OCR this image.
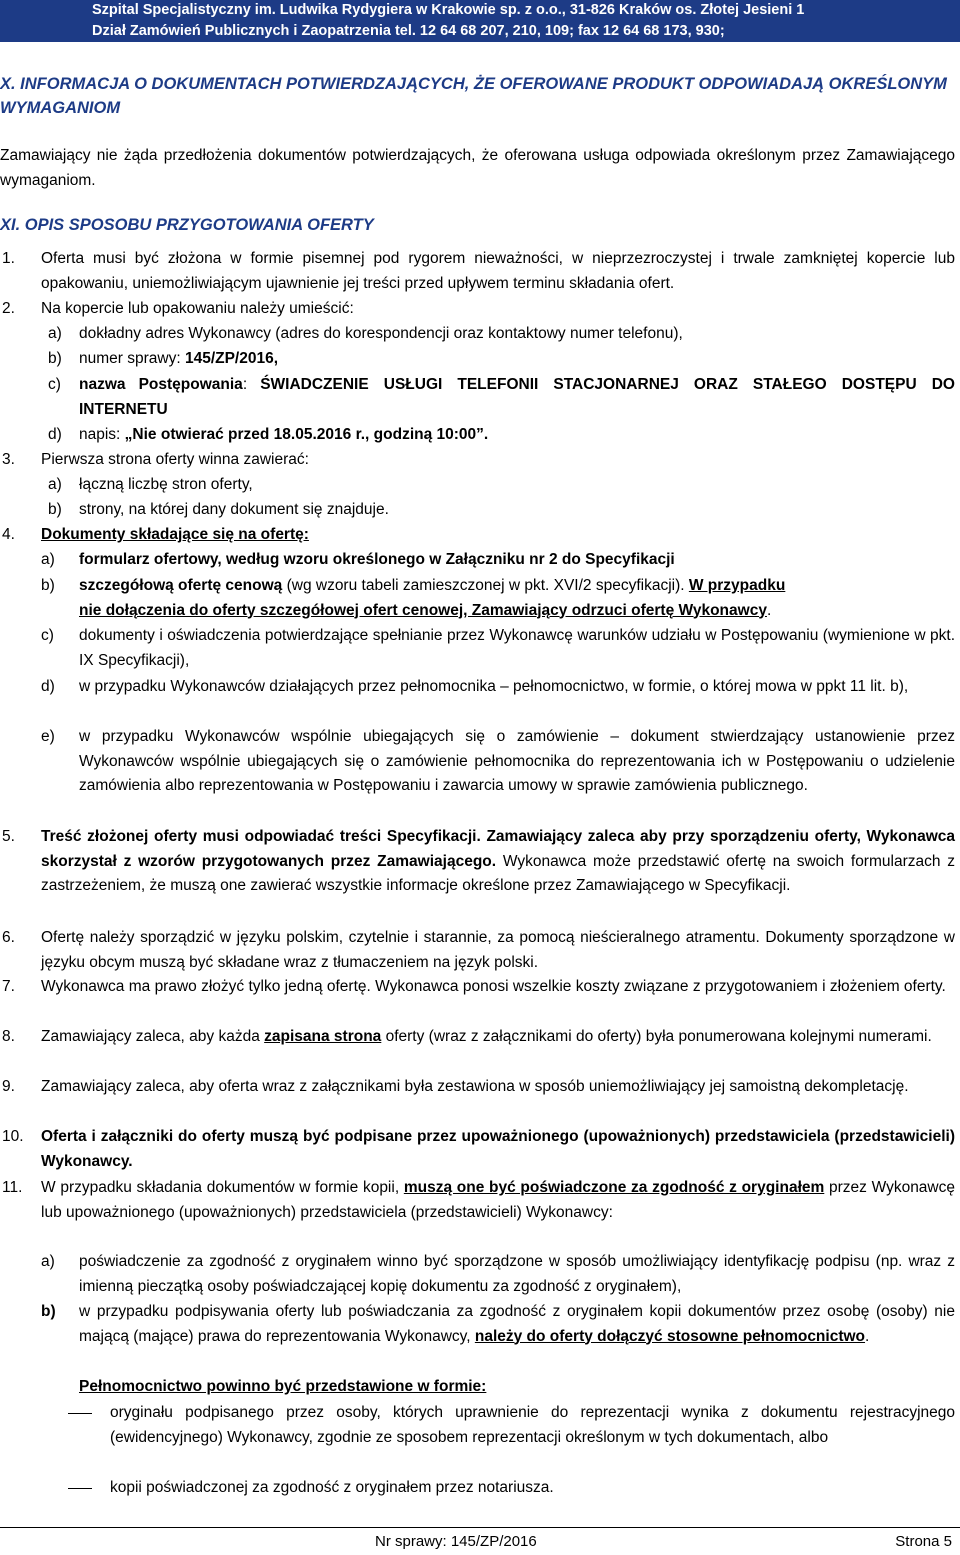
Szpital Specjalistyczny im. Ludwika Rydygiera w Krakowie sp. z o.o., 31-826 Kraków os. Złotej Jesieni 1
Dział Zamówień Publicznych i Zaopatrzenia tel. 12 64 68 207, 210, 109; fax 12 64 68 173, 930;
X. INFORMACJA O DOKUMENTACH POTWIERDZAJĄCYCH, ŻE OFEROWANE PRODUKT ODPOWIADAJĄ OKREŚLONYM WYMAGANIOM
Zamawiający nie żąda przedłożenia dokumentów potwierdzających, że oferowana usługa odpowiada określonym przez Zamawiającego wymaganiom.
XI. OPIS SPOSOBU PRZYGOTOWANIA OFERTY
1. Oferta musi być złożona w formie pisemnej pod rygorem nieważności, w nieprzezroczystej i trwale zamkniętej kopercie lub opakowaniu, uniemożliwiającym ujawnienie jej treści przed upływem terminu składania ofert.
2. Na kopercie lub opakowaniu należy umieścić:
a) dokładny adres Wykonawcy (adres do korespondencji oraz kontaktowy numer telefonu),
b) numer sprawy: 145/ZP/2016,
c) nazwa Postępowania: ŚWIADCZENIE USŁUGI TELEFONII STACJONARNEJ ORAZ STAŁEGO DOSTĘPU DO INTERNETU
d) napis: „Nie otwierać przed 18.05.2016 r., godziną 10:00”.
3. Pierwsza strona oferty winna zawierać:
a) łączną liczbę stron oferty,
b) strony, na której dany dokument się znajduje.
4. Dokumenty składające się na ofertę:
a) formularz ofertowy, według wzoru określonego w Załączniku nr 2 do Specyfikacji
b) szczegółową ofertę cenową (wg wzoru tabeli zamieszczonej w pkt. XVI/2 specyfikacji). W przypadku
nie dołączenia do oferty szczegółowej ofert cenowej, Zamawiający odrzuci ofertę Wykonawcy.
c) dokumenty i oświadczenia potwierdzające spełnianie przez Wykonawcę warunków udziału w Postępowaniu (wymienione w pkt. IX Specyfikacji),
d) w przypadku Wykonawców działających przez pełnomocnika – pełnomocnictwo, w formie, o której mowa w ppkt 11 lit. b),
e) w przypadku Wykonawców wspólnie ubiegających się o zamówienie – dokument stwierdzający ustanowienie przez Wykonawców wspólnie ubiegających się o zamówienie pełnomocnika do reprezentowania ich w Postępowaniu o udzielenie zamówienia albo reprezentowania w Postępowaniu i zawarcia umowy w sprawie zamówienia publicznego.
5. Treść złożonej oferty musi odpowiadać treści Specyfikacji. Zamawiający zaleca aby przy sporządzeniu oferty, Wykonawca skorzystał z wzorów przygotowanych przez Zamawiającego. Wykonawca może przedstawić ofertę na swoich formularzach z zastrzeżeniem, że muszą one zawierać wszystkie informacje określone przez Zamawiającego w Specyfikacji.
6. Ofertę należy sporządzić w języku polskim, czytelnie i starannie, za pomocą nieścieralnego atramentu. Dokumenty sporządzone w języku obcym muszą być składane wraz z tłumaczeniem na język polski.
7. Wykonawca ma prawo złożyć tylko jedną ofertę. Wykonawca ponosi wszelkie koszty związane z przygotowaniem i złożeniem oferty.
8. Zamawiający zaleca, aby każda zapisana strona oferty (wraz z załącznikami do oferty) była ponumerowana kolejnymi numerami.
9. Zamawiający zaleca, aby oferta wraz z załącznikami była zestawiona w sposób uniemożliwiający jej samoistną dekompletację.
10. Oferta i załączniki do oferty muszą być podpisane przez upoważnionego (upoważnionych) przedstawiciela (przedstawicieli) Wykonawcy.
11. W przypadku składania dokumentów w formie kopii, muszą one być poświadczone za zgodność z oryginałem przez Wykonawcę lub upoważnionego (upoważnionych) przedstawiciela (przedstawicieli) Wykonawcy:
a) poświadczenie za zgodność z oryginałem winno być sporządzone w sposób umożliwiający identyfikację podpisu (np. wraz z imienną pieczątką osoby poświadczającej kopię dokumentu za zgodność z oryginałem),
b) w przypadku podpisywania oferty lub poświadczania za zgodność z oryginałem kopii dokumentów przez osobę (osoby) nie mającą (mające) prawa do reprezentowania Wykonawcy, należy do oferty dołączyć stosowne pełnomocnictwo.
Pełnomocnictwo powinno być przedstawione w formie:
oryginału podpisanego przez osoby, których uprawnienie do reprezentacji wynika z dokumentu rejestracyjnego (ewidencyjnego) Wykonawcy, zgodnie ze sposobem reprezentacji określonym w tych dokumentach, albo
kopii poświadczonej za zgodność z oryginałem przez notariusza.
Nr sprawy: 145/ZP/2016	Strona 5
